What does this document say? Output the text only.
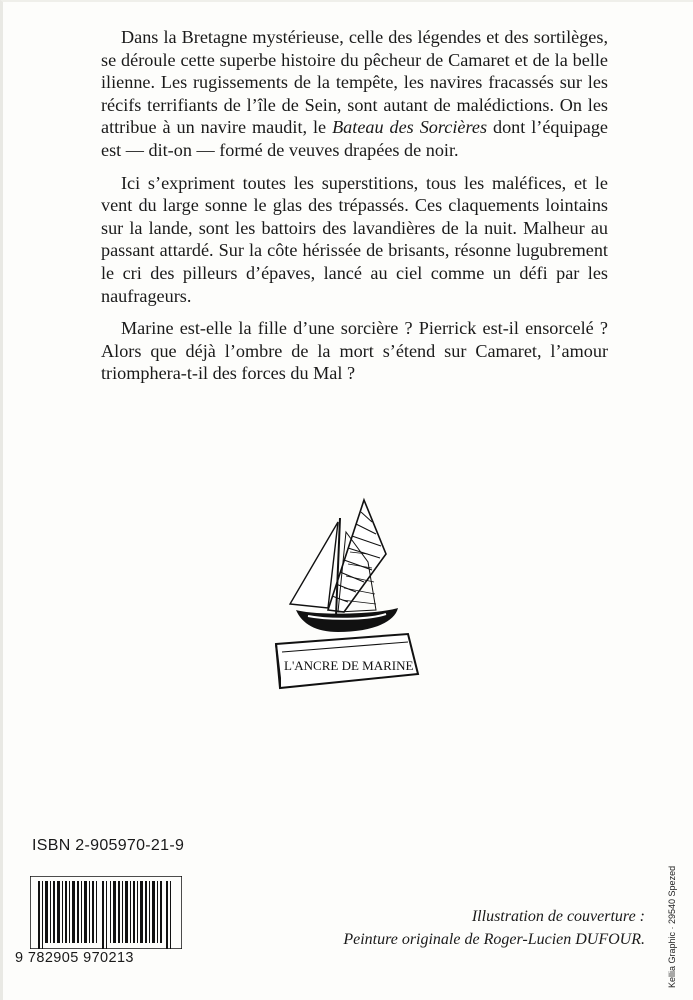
Dans la Bretagne mystérieuse, celle des légendes et des sortilèges, se déroule cette superbe histoire du pêcheur de Camaret et de la belle ilienne. Les rugissements de la tempête, les navires fracassés sur les récifs terrifiants de l’île de Sein, sont autant de malédictions. On les attribue à un navire maudit, le Bateau des Sorcières dont l’équipage est — dit-on — formé de veuves drapées de noir.

Ici s’expriment toutes les superstitions, tous les maléfices, et le vent du large sonne le glas des trépassés. Ces claquements lointains sur la lande, sont les battoirs des lavandières de la nuit. Malheur au passant attardé. Sur la côte hérissée de brisants, résonne lugubrement le cri des pilleurs d’épaves, lancé au ciel comme un défi par les naufrageurs.

Marine est-elle la fille d’une sorcière ? Pierrick est-il ensorcelé ? Alors que déjà l’ombre de la mort s’étend sur Camaret, l’amour triomphera-t-il des forces du Mal ?

L'ANCRE DE MARINE
ISBN 2-905970-21-9
9 782905 970213
Illustration de couverture :
Peinture originale de Roger-Lucien DUFOUR. Kellia Graphic · 29540 Spezed
